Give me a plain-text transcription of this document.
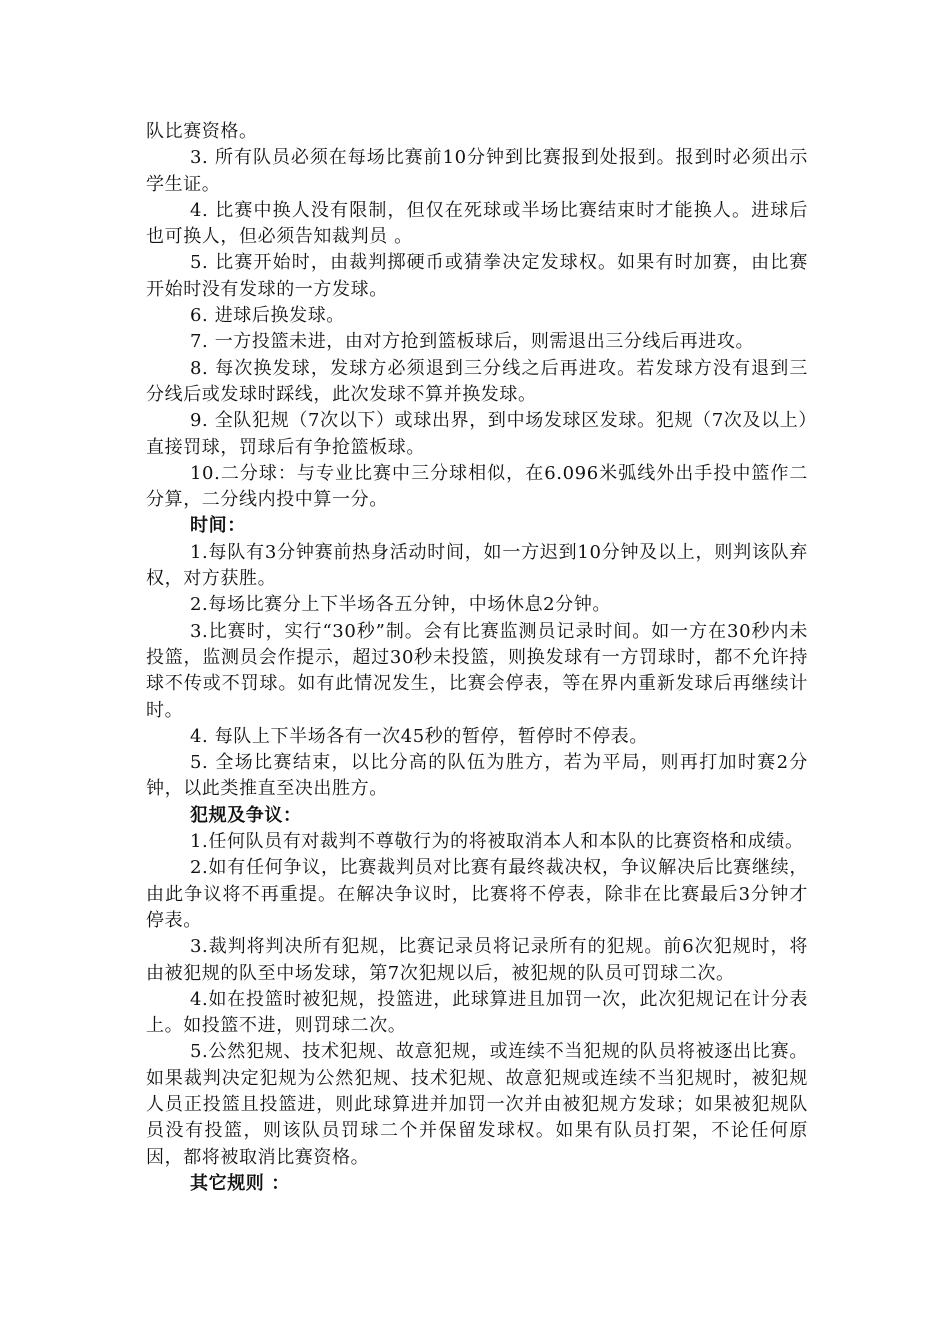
队比赛资格。

3. 所有队员必须在每场比赛前10分钟到比赛报到处报到。报到时必须出示学生证。

4. 比赛中换人没有限制，但仅在死球或半场比赛结束时才能换人。进球后也可换人，但必须告知裁判员 。

5. 比赛开始时，由裁判掷硬币或猜拳决定发球权。如果有时加赛，由比赛开始时没有发球的一方发球。

6. 进球后换发球。

7. 一方投篮未进，由对方抢到篮板球后，则需退出三分线后再进攻。

8. 每次换发球，发球方必须退到三分线之后再进攻。若发球方没有退到三分线后或发球时踩线，此次发球不算并换发球。

9. 全队犯规（7次以下）或球出界，到中场发球区发球。犯规（7次及以上）直接罚球，罚球后有争抢篮板球。

10.二分球：与专业比赛中三分球相似，在6.096米弧线外出手投中篮作二分算，二分线内投中算一分。

时间：

1.每队有3分钟赛前热身活动时间，如一方迟到10分钟及以上，则判该队弃权，对方获胜。

2.每场比赛分上下半场各五分钟，中场休息2分钟。

3.比赛时，实行“30秒”制。会有比赛监测员记录时间。如一方在30秒内未投篮，监测员会作提示，超过30秒未投篮，则换发球有一方罚球时，都不允许持球不传或不罚球。如有此情况发生，比赛会停表，等在界内重新发球后再继续计时。

4. 每队上下半场各有一次45秒的暂停，暂停时不停表。

5. 全场比赛结束，以比分高的队伍为胜方，若为平局，则再打加时赛2分钟，以此类推直至决出胜方。

犯规及争议：

1.任何队员有对裁判不尊敬行为的将被取消本人和本队的比赛资格和成绩。

2.如有任何争议，比赛裁判员对比赛有最终裁决权，争议解决后比赛继续，由此争议将不再重提。在解决争议时，比赛将不停表，除非在比赛最后3分钟才停表。

3.裁判将判决所有犯规，比赛记录员将记录所有的犯规。前6次犯规时，将由被犯规的队至中场发球，第7次犯规以后，被犯规的队员可罚球二次。

4.如在投篮时被犯规，投篮进，此球算进且加罚一次，此次犯规记在计分表上。如投篮不进，则罚球二次。

5.公然犯规、技术犯规、故意犯规，或连续不当犯规的队员将被逐出比赛。如果裁判决定犯规为公然犯规、技术犯规、故意犯规或连续不当犯规时，被犯规人员正投篮且投篮进，则此球算进并加罚一次并由被犯规方发球；如果被犯规队员没有投篮，则该队员罚球二个并保留发球权。如果有队员打架，不论任何原因，都将被取消比赛资格。

其它规则 ：
